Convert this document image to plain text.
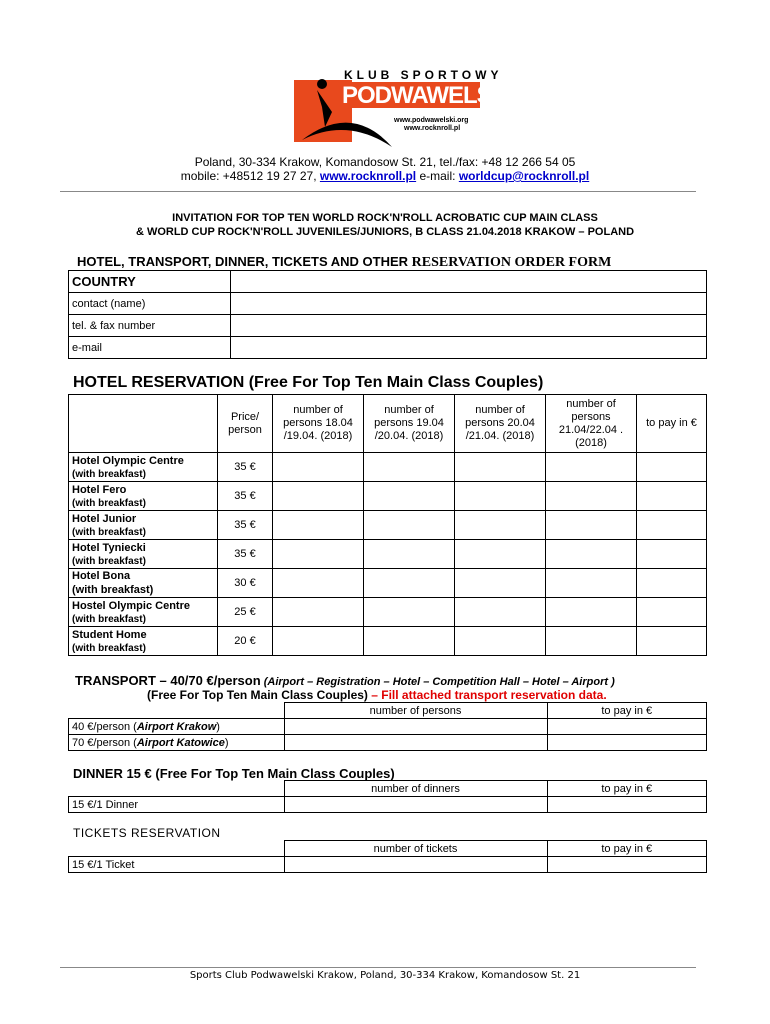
KLUB SPORTOWY
PODWAWELSKI
www.podwawelski.org
www.rocknroll.pl
Poland, 30-334 Krakow, Komandosow St. 21, tel./fax: +48 12 266 54 05
mobile: +48512 19 27 27, www.rocknroll.pl e-mail: worldcup@rocknroll.pl
INVITATION FOR TOP TEN WORLD ROCK'N'ROLL ACROBATIC CUP MAIN CLASS
& WORLD CUP ROCK'N'ROLL JUVENILES/JUNIORS, B CLASS 21.04.2018 KRAKOW – POLAND
HOTEL, TRANSPORT, DINNER, TICKETS AND OTHER RESERVATION ORDER FORM
COUNTRY	
contact (name)	
tel. & fax number	
e-mail	
HOTEL RESERVATION (Free For Top Ten Main Class Couples)
	Price/ person	number of persons 18.04 /19.04. (2018)	number of persons 19.04 /20.04. (2018)	number of persons 20.04 /21.04. (2018)	number of persons 21.04/22.04 . (2018)	to pay in €

Hotel Olympic Centre
(with breakfast)	35 €					

Hotel Fero
(with breakfast)	35 €					

Hotel Junior
(with breakfast)	35 €					

Hotel Tyniecki
(with breakfast)	35 €					

Hotel Bona
(with breakfast)	30 €					

Hostel Olympic Centre
(with breakfast)	25 €					

Student Home
(with breakfast)	20 €					
TRANSPORT – 40/70 €/person (Airport – Registration – Hotel – Competition Hall – Hotel – Airport )
(Free For Top Ten Main Class Couples) – Fill attached transport reservation data.
	number of persons	to pay in €
40 €/person (Airport Krakow)		
70 €/person (Airport Katowice)		
DINNER 15 € (Free For Top Ten Main Class Couples)
	number of dinners	to pay in €
15 €/1 Dinner		
TICKETS RESERVATION
	number of tickets	to pay in €
15 €/1 Ticket		
Sports Club Podwawelski Krakow, Poland, 30-334 Krakow, Komandosow St. 21
